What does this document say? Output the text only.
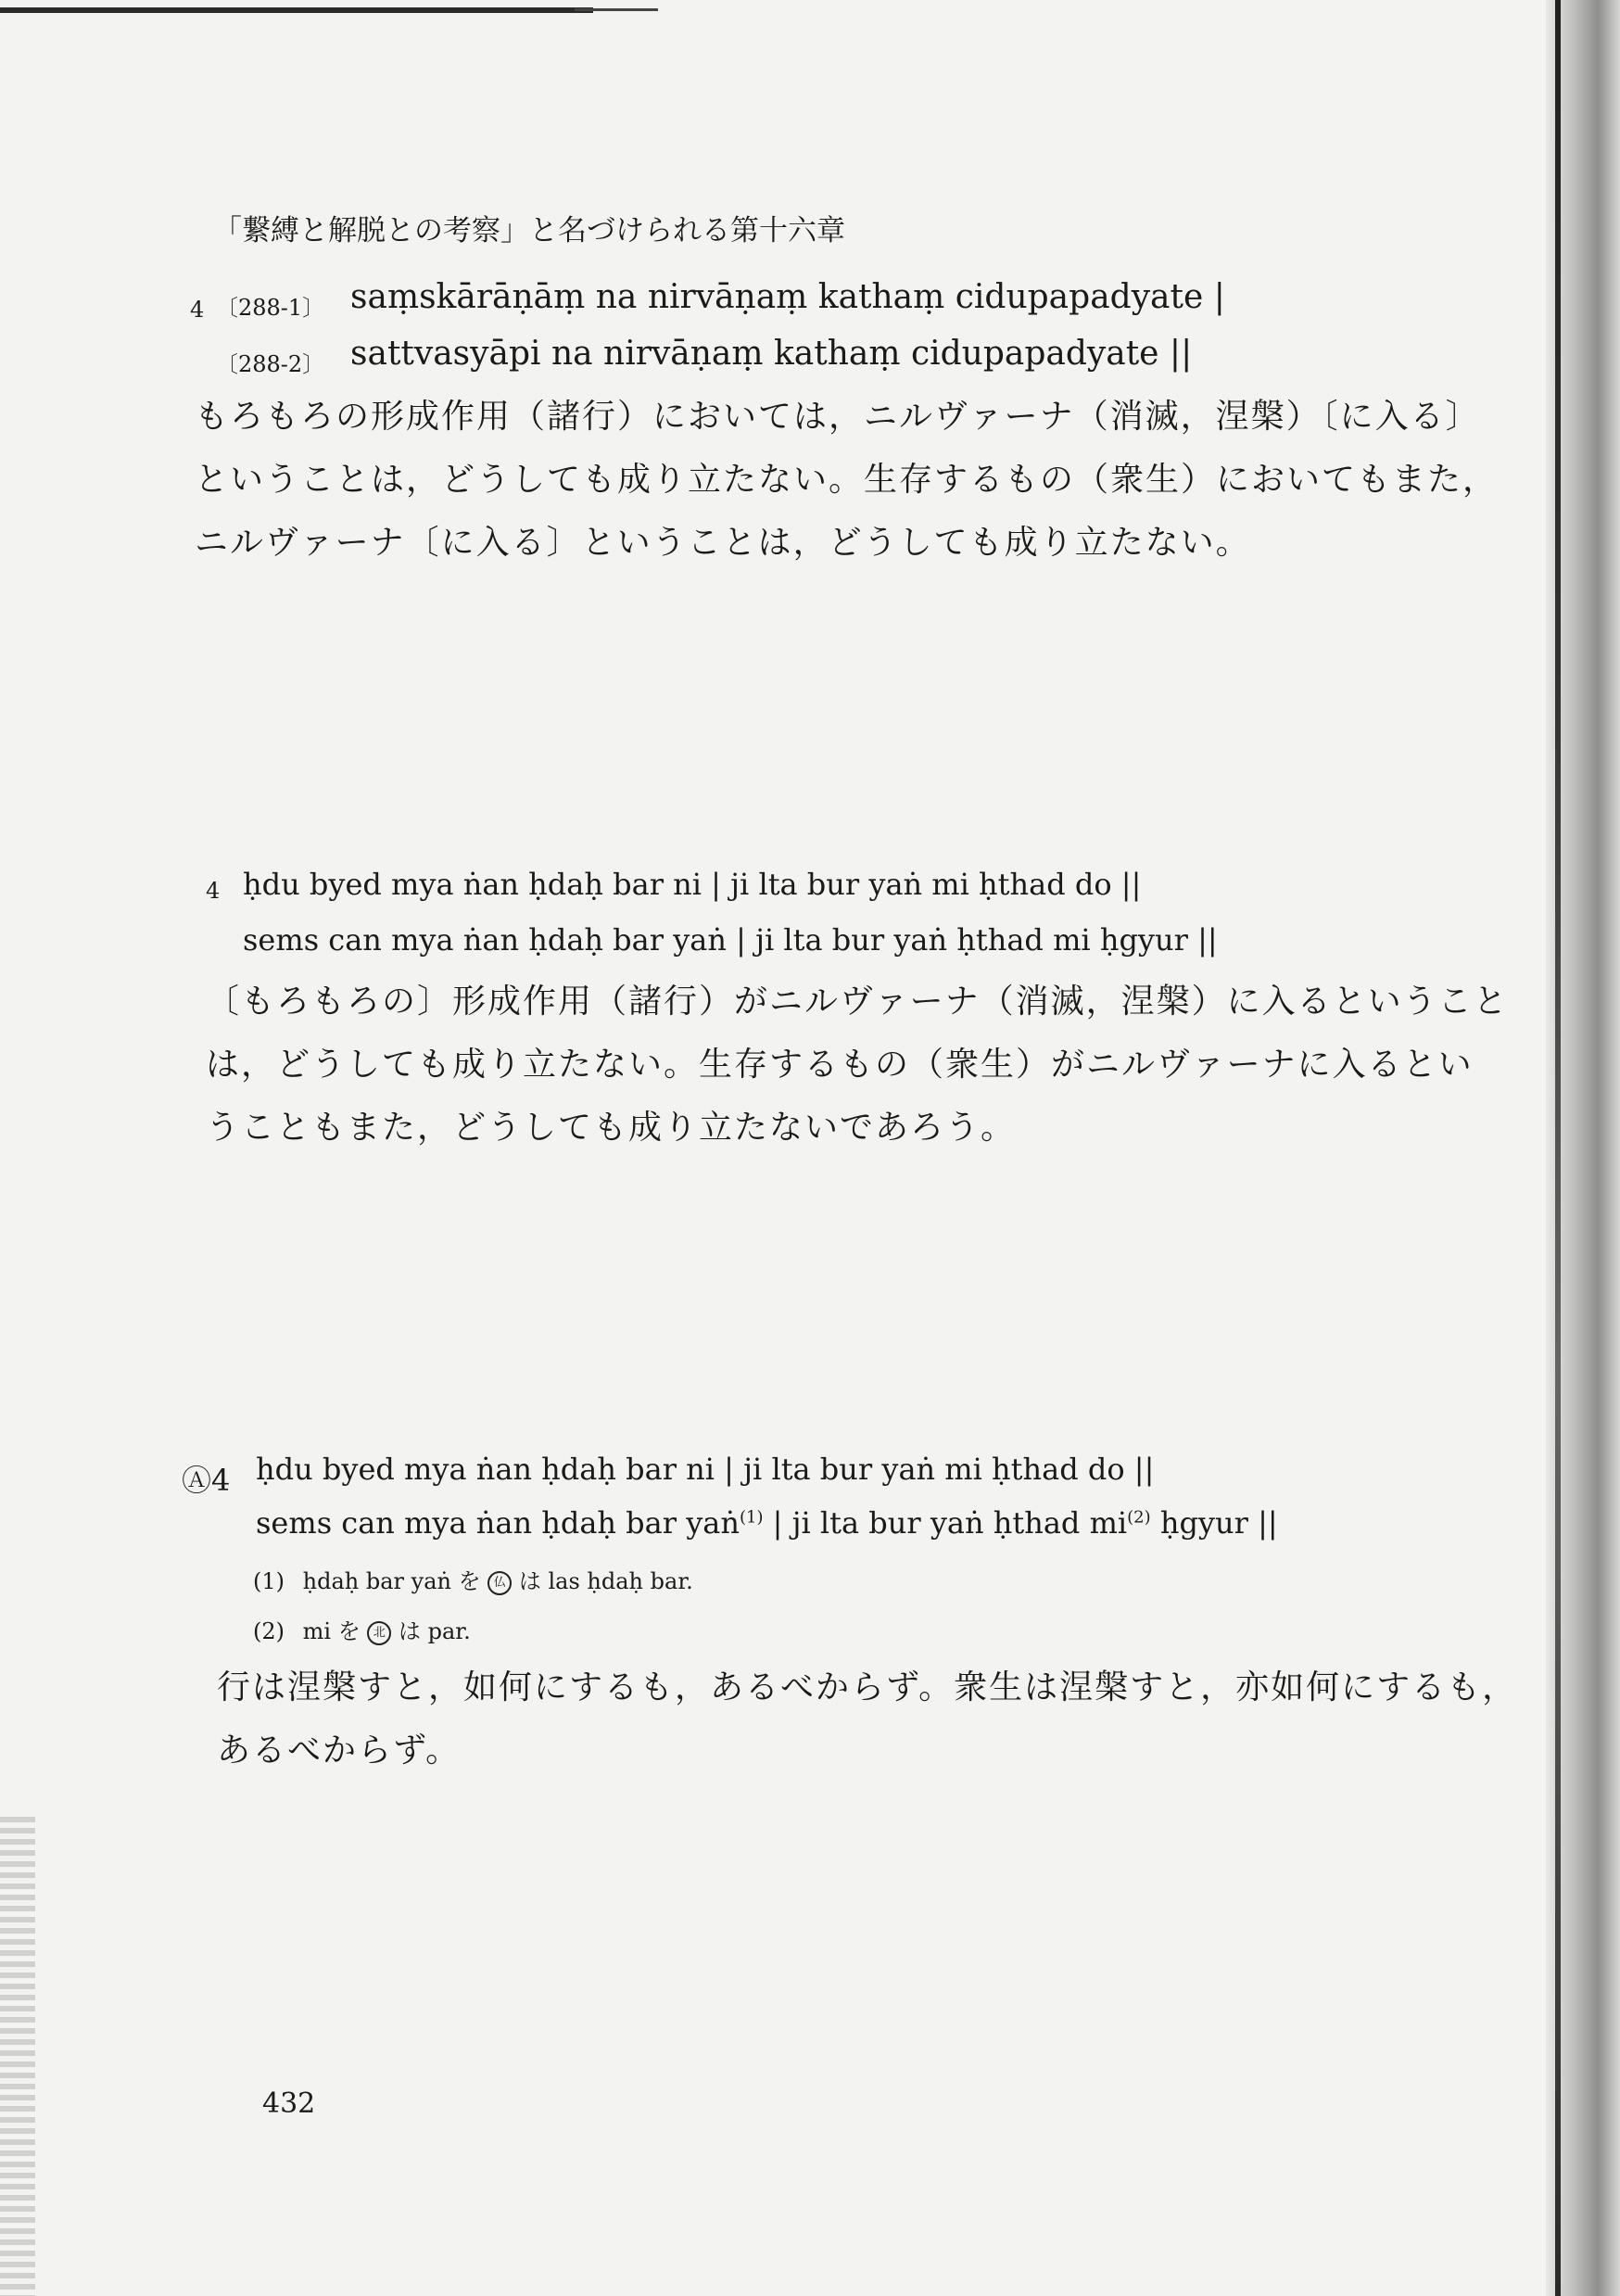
「繋縛と解脱との考察」と名づけられる第十六章
4 〔288-1〕 saṃskārāṇāṃ na nirvāṇaṃ kathaṃ cidupapadyate |
〔288-2〕 sattvasyāpi na nirvāṇaṃ kathaṃ cidupapadyate ||
もろもろの形成作用（諸行）においては，ニルヴァーナ（消滅，涅槃）〔に入る〕
ということは，どうしても成り立たない。生存するもの（衆生）においてもまた，
ニルヴァーナ〔に入る〕ということは，どうしても成り立たない。
4 ḥdu byed mya ṅan ḥdaḥ bar ni | ji lta bur yaṅ mi ḥthad do ||
sems can mya ṅan ḥdaḥ bar yaṅ | ji lta bur yaṅ ḥthad mi ḥgyur ||
〔もろもろの〕形成作用（諸行）がニルヴァーナ（消滅，涅槃）に入るということ
は，どうしても成り立たない。生存するもの（衆生）がニルヴァーナに入るとい
うこともまた，どうしても成り立たないであろう。
Ⓐ4 ḥdu byed mya ṅan ḥdaḥ bar ni | ji lta bur yaṅ mi ḥthad do ||
sems can mya ṅan ḥdaḥ bar yaṅ$^{(1)}$ | ji lta bur yaṅ ḥthad $mi^{(2)}$ ḥgyur ||
(1) ḥdaḥ bar yaṅ を 仏 は las ḥdaḥ bar.
(2) mi を 北 は par.
行は涅槃すと，如何にするも，あるべからず。衆生は涅槃すと，亦如何にするも，
あるべからず。
432
